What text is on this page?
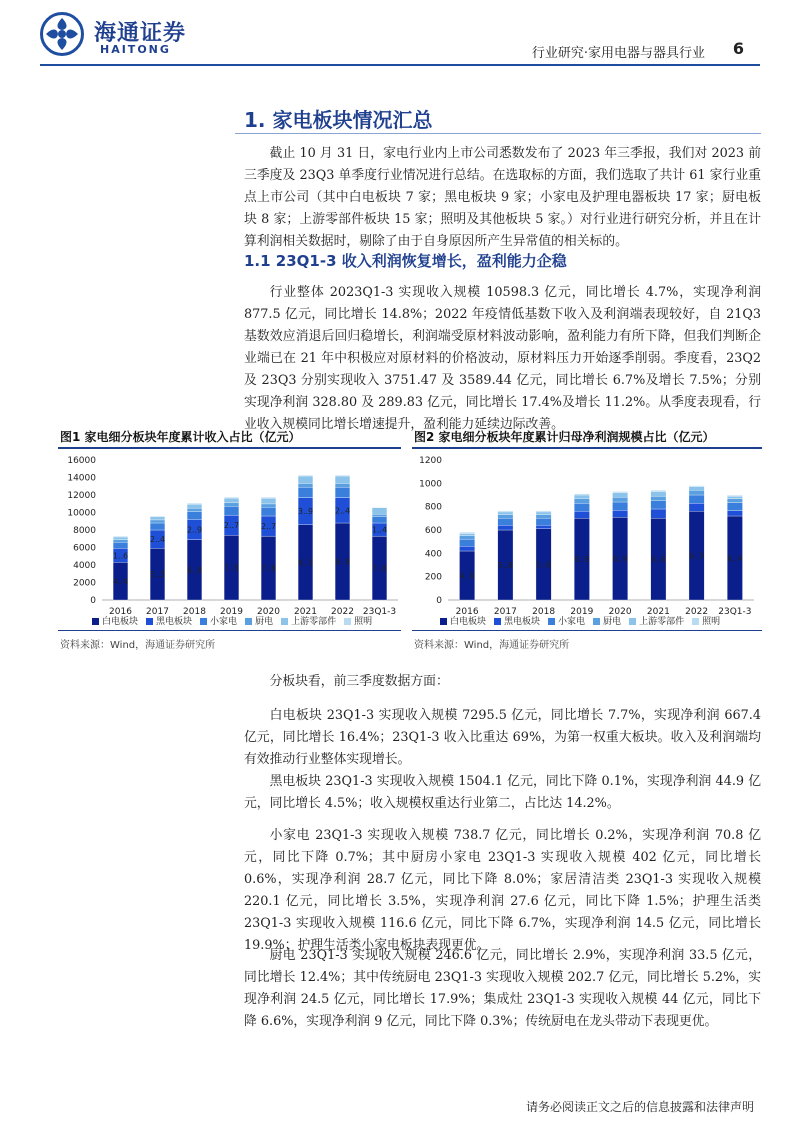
海通证券
HAITONG	行业研究·家用电器与器具行业 6
1. 家电板块情况汇总
截止 10 月 31 日，家电行业内上市公司悉数发布了 2023 年三季报，我们对 2023 前三季度及 23Q3 单季度行业情况进行总结。在选取标的方面，我们选取了共计 61 家行业重点上市公司（其中白电板块 7 家；黑电板块 9 家；小家电及护理电器板块 17 家；厨电板块 8 家；上游零部件板块 15 家；照明及其他板块 5 家。）对行业进行研究分析，并且在计算利润相关数据时，剔除了由于自身原因所产生异常值的相关标的。
1.1 23Q1-3 收入利润恢复增长，盈利能力企稳
行业整体 2023Q1-3 实现收入规模 10598.3 亿元，同比增长 4.7%，实现净利润 877.5 亿元，同比增长 14.8%；2022 年疫情低基数下收入及利润端表现较好，自 21Q3 基数效应消退后回归稳增长，利润端受原材料波动影响，盈利能力有所下降，但我们判断企业端已在 21 年中积极应对原材料的价格波动，原材料压力开始逐季削弱。季度看，23Q2 及 23Q3 分别实现收入 3751.47 及 3589.44 亿元，同比增长 6.7%及增长 7.5%；分别实现净利润 328.80 及 289.83 亿元，同比增长 17.4%及增长 11.2%。从季度表现看，行业收入规模同比增长增速提升，盈利能力延续边际改善。
图1 家电细分板块年度累计收入占比（亿元）
0
2000
4000
6000
8000
10000
12000
14000
16000
2016 2017 2018 2019 2020 2021 2022 23Q1-3
4..4
1..6
5..3
2..4
6..8
2..9
7..5
2..7
7..6
2..7
8..5
3..9
8..8
2..4
7..6
1..4
白电板块	黑电板块	小家电	厨电	上游零部件	照明
资料来源：Wind，海通证券研究所
图2 家电细分板块年度累计归母净利润规模占比（亿元）
0
200
400
600
800
1000
1200
2016 2017 2018 2019 2020 2021 2022 23Q1-3
4..0
5..8	5..8
6..9	6..9	6..6	6..5	6..4
白电板块	黑电板块	小家电	厨电	上游零部件	照明
资料来源：Wind，海通证券研究所
分板块看，前三季度数据方面：
白电板块 23Q1-3 实现收入规模 7295.5 亿元，同比增长 7.7%，实现净利润 667.4 亿元，同比增长 16.4%；23Q1-3 收入比重达 69%，为第一权重大板块。收入及利润端均有效推动行业整体实现增长。
黑电板块 23Q1-3 实现收入规模 1504.1 亿元，同比下降 0.1%，实现净利润 44.9 亿元，同比增长 4.5%；收入规模权重达行业第二，占比达 14.2%。
小家电 23Q1-3 实现收入规模 738.7 亿元，同比增长 0.2%，实现净利润 70.8 亿元，同比下降 0.7%；其中厨房小家电 23Q1-3 实现收入规模 402 亿元，同比增长 0.6%，实现净利润 28.7 亿元，同比下降 8.0%；家居清洁类 23Q1-3 实现收入规模 220.1 亿元，同比增长 3.5%，实现净利润 27.6 亿元，同比下降 1.5%；护理生活类 23Q1-3 实现收入规模 116.6 亿元，同比下降 6.7%，实现净利润 14.5 亿元，同比增长 19.9%；护理生活类小家电板块表现更优。
厨电 23Q1-3 实现收入规模 246.6 亿元，同比增长 2.9%，实现净利润 33.5 亿元，同比增长 12.4%；其中传统厨电 23Q1-3 实现收入规模 202.7 亿元，同比增长 5.2%，实现净利润 24.5 亿元，同比增长 17.9%；集成灶 23Q1-3 实现收入规模 44 亿元，同比下降 6.6%，实现净利润 9 亿元，同比下降 0.3%；传统厨电在龙头带动下表现更优。
请务必阅读正文之后的信息披露和法律声明
